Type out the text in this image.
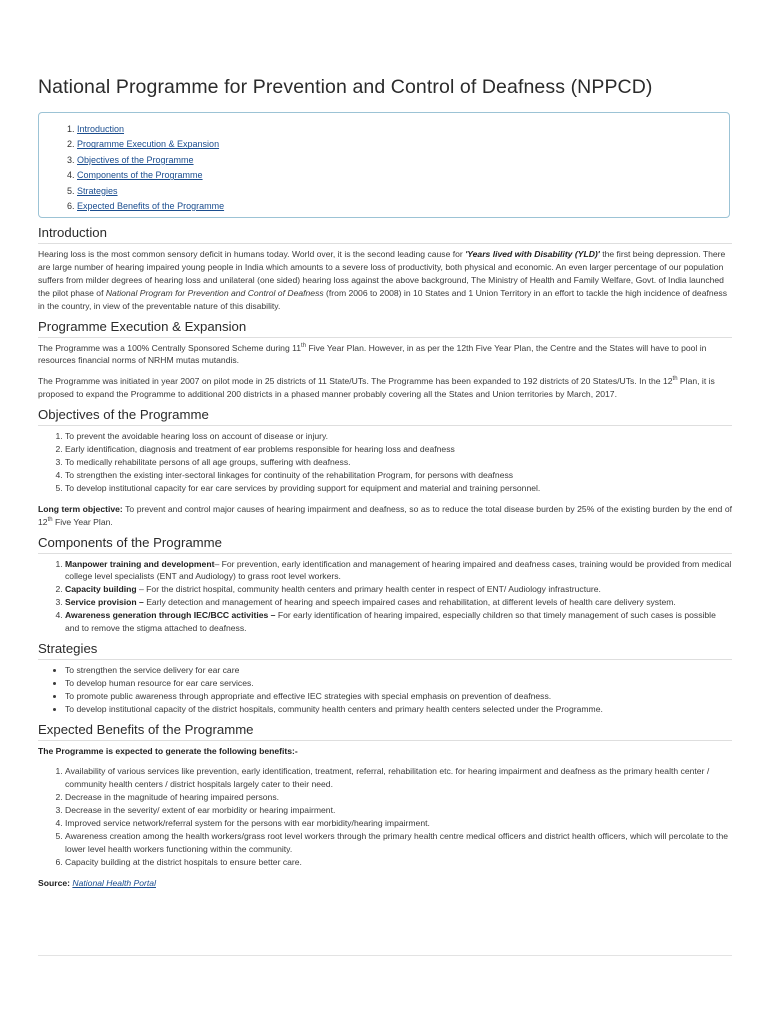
National Programme for Prevention and Control of Deafness (NPPCD)
1. Introduction
2. Programme Execution & Expansion
3. Objectives of the Programme
4. Components of the Programme
5. Strategies
6. Expected Benefits of the Programme
Introduction

Hearing loss is the most common sensory deficit in humans today. World over, it is the second leading cause for 'Years lived with Disability (YLD)' the first being depression. There are large number of hearing impaired young people in India which amounts to a severe loss of productivity, both physical and economic. An even larger percentage of our population suffers from milder degrees of hearing loss and unilateral (one sided) hearing loss against the above background, The Ministry of Health and Family Welfare, Govt. of India launched the pilot phase of National Program for Prevention and Control of Deafness (from 2006 to 2008) in 10 States and 1 Union Territory in an effort to tackle the high incidence of deafness in the country, in view of the preventable nature of this disability.

Programme Execution & Expansion

The Programme was a 100% Centrally Sponsored Scheme during 11th Five Year Plan. However, in as per the 12th Five Year Plan, the Centre and the States will have to pool in resources financial norms of NRHM mutas mutandis.

The Programme was initiated in year 2007 on pilot mode in 25 districts of 11 State/UTs. The Programme has been expanded to 192 districts of 20 States/UTs. In the 12th Plan, it is proposed to expand the Programme to additional 200 districts in a phased manner probably covering all the States and Union territories by March, 2017.

Objectives of the Programme
1. To prevent the avoidable hearing loss on account of disease or injury.
2. Early identification, diagnosis and treatment of ear problems responsible for hearing loss and deafness
3. To medically rehabilitate persons of all age groups, suffering with deafness.
4. To strengthen the existing inter-sectoral linkages for continuity of the rehabilitation Program, for persons with deafness
5. To develop institutional capacity for ear care services by providing support for equipment and material and training personnel.

Long term objective: To prevent and control major causes of hearing impairment and deafness, so as to reduce the total disease burden by 25% of the existing burden by the end of 12th Five Year Plan.

Components of the Programme
1. Manpower training and development– For prevention, early identification and management of hearing impaired and deafness cases, training would be provided from medical college level specialists (ENT and Audiology) to grass root level workers.
2. Capacity building – For the district hospital, community health centers and primary health center in respect of ENT/ Audiology infrastructure.
3. Service provision – Early detection and management of hearing and speech impaired cases and rehabilitation, at different levels of health care delivery system.
4. Awareness generation through IEC/BCC activities – For early identification of hearing impaired, especially children so that timely management of such cases is possible and to remove the stigma attached to deafness.
Strategies
• To strengthen the service delivery for ear care
• To develop human resource for ear care services.
• To promote public awareness through appropriate and effective IEC strategies with special emphasis on prevention of deafness.
• To develop institutional capacity of the district hospitals, community health centers and primary health centers selected under the Programme.
Expected Benefits of the Programme

The Programme is expected to generate the following benefits:-

1. Availability of various services like prevention, early identification, treatment, referral, rehabilitation etc. for hearing impairment and deafness as the primary health center / community health centers / district hospitals largely cater to their need.
2. Decrease in the magnitude of hearing impaired persons.
3. Decrease in the severity/ extent of ear morbidity or hearing impairment.
4. Improved service network/referral system for the persons with ear morbidity/hearing impairment.
5. Awareness creation among the health workers/grass root level workers through the primary health centre medical officers and district health officers, which will percolate to the lower level health workers functioning within the community.
6. Capacity building at the district hospitals to ensure better care.

Source: National Health Portal
